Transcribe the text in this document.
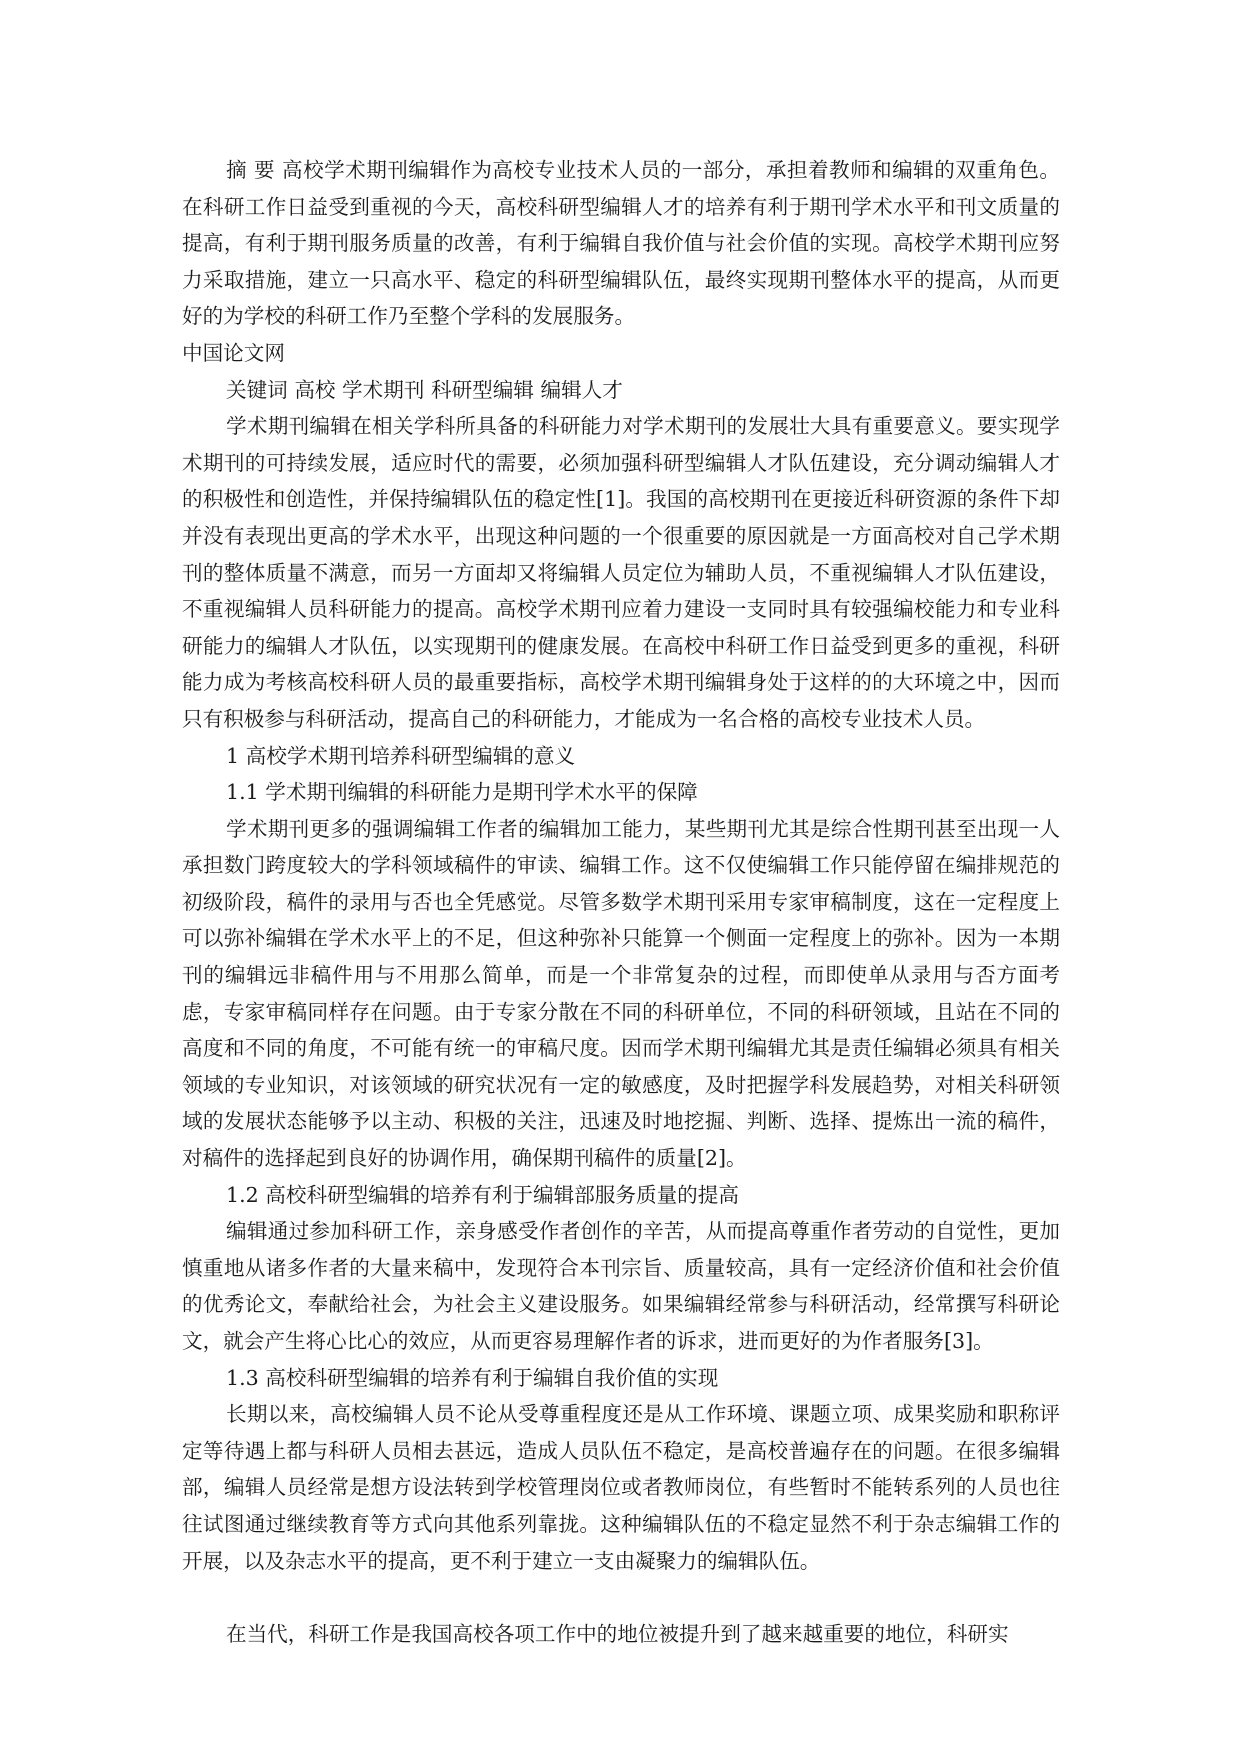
摘 要 高校学术期刊编辑作为高校专业技术人员的一部分，承担着教师和编辑的双重角色。在科研工作日益受到重视的今天，高校科研型编辑人才的培养有利于期刊学术水平和刊文质量的提高，有利于期刊服务质量的改善，有利于编辑自我价值与社会价值的实现。高校学术期刊应努力采取措施，建立一只高水平、稳定的科研型编辑队伍，最终实现期刊整体水平的提高，从而更好的为学校的科研工作乃至整个学科的发展服务。

中国论文网

关键词 高校 学术期刊 科研型编辑 编辑人才

学术期刊编辑在相关学科所具备的科研能力对学术期刊的发展壮大具有重要意义。要实现学术期刊的可持续发展，适应时代的需要，必须加强科研型编辑人才队伍建设，充分调动编辑人才的积极性和创造性，并保持编辑队伍的稳定性[1]。我国的高校期刊在更接近科研资源的条件下却并没有表现出更高的学术水平，出现这种问题的一个很重要的原因就是一方面高校对自己学术期刊的整体质量不满意，而另一方面却又将编辑人员定位为辅助人员，不重视编辑人才队伍建设，不重视编辑人员科研能力的提高。高校学术期刊应着力建设一支同时具有较强编校能力和专业科研能力的编辑人才队伍，以实现期刊的健康发展。在高校中科研工作日益受到更多的重视，科研能力成为考核高校科研人员的最重要指标，高校学术期刊编辑身处于这样的的大环境之中，因而只有积极参与科研活动，提高自己的科研能力，才能成为一名合格的高校专业技术人员。

1 高校学术期刊培养科研型编辑的意义

1.1 学术期刊编辑的科研能力是期刊学术水平的保障

学术期刊更多的强调编辑工作者的编辑加工能力，某些期刊尤其是综合性期刊甚至出现一人承担数门跨度较大的学科领域稿件的审读、编辑工作。这不仅使编辑工作只能停留在编排规范的初级阶段，稿件的录用与否也全凭感觉。尽管多数学术期刊采用专家审稿制度，这在一定程度上可以弥补编辑在学术水平上的不足，但这种弥补只能算一个侧面一定程度上的弥补。因为一本期刊的编辑远非稿件用与不用那么简单，而是一个非常复杂的过程，而即使单从录用与否方面考虑，专家审稿同样存在问题。由于专家分散在不同的科研单位，不同的科研领域，且站在不同的高度和不同的角度，不可能有统一的审稿尺度。因而学术期刊编辑尤其是责任编辑必须具有相关领域的专业知识，对该领域的研究状况有一定的敏感度，及时把握学科发展趋势，对相关科研领域的发展状态能够予以主动、积极的关注，迅速及时地挖掘、判断、选择、提炼出一流的稿件，对稿件的选择起到良好的协调作用，确保期刊稿件的质量[2]。

1.2 高校科研型编辑的培养有利于编辑部服务质量的提高

编辑通过参加科研工作，亲身感受作者创作的辛苦，从而提高尊重作者劳动的自觉性，更加慎重地从诸多作者的大量来稿中，发现符合本刊宗旨、质量较高，具有一定经济价值和社会价值的优秀论文，奉献给社会，为社会主义建设服务。如果编辑经常参与科研活动，经常撰写科研论文，就会产生将心比心的效应，从而更容易理解作者的诉求，进而更好的为作者服务[3]。

1.3 高校科研型编辑的培养有利于编辑自我价值的实现

长期以来，高校编辑人员不论从受尊重程度还是从工作环境、课题立项、成果奖励和职称评定等待遇上都与科研人员相去甚远，造成人员队伍不稳定，是高校普遍存在的问题。在很多编辑部，编辑人员经常是想方设法转到学校管理岗位或者教师岗位，有些暂时不能转系列的人员也往往试图通过继续教育等方式向其他系列靠拢。这种编辑队伍的不稳定显然不利于杂志编辑工作的开展，以及杂志水平的提高，更不利于建立一支由凝聚力的编辑队伍。

在当代，科研工作是我国高校各项工作中的地位被提升到了越来越重要的地位，科研实
